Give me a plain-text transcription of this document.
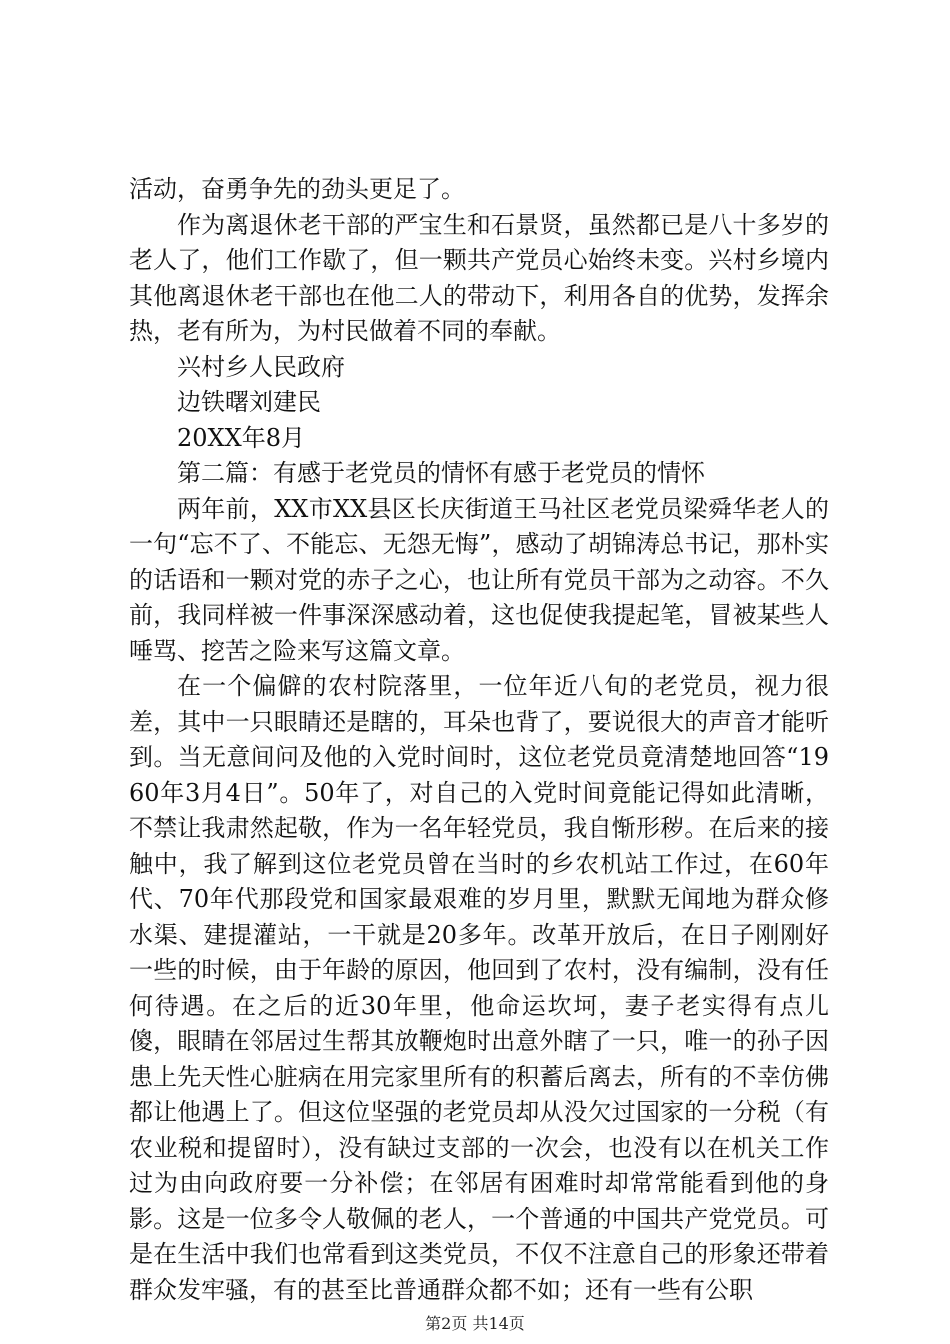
活动，奋勇争先的劲头更足了。

作为离退休老干部的严宝生和石景贤，虽然都已是八十多岁的老人了，他们工作歇了，但一颗共产党员心始终未变。兴村乡境内其他离退休老干部也在他二人的带动下，利用各自的优势，发挥余热，老有所为，为村民做着不同的奉献。

兴村乡人民政府

边铁曙刘建民

20XX年8月

第二篇：有感于老党员的情怀有感于老党员的情怀

两年前，XX市XX县区长庆街道王马社区老党员梁舜华老人的一句“忘不了、不能忘、无怨无悔”，感动了胡锦涛总书记，那朴实的话语和一颗对党的赤子之心，也让所有党员干部为之动容。不久前，我同样被一件事深深感动着，这也促使我提起笔，冒被某些人唾骂、挖苦之险来写这篇文章。

在一个偏僻的农村院落里，一位年近八旬的老党员，视力很差，其中一只眼睛还是瞎的，耳朵也背了，要说很大的声音才能听到。当无意间问及他的入党时间时，这位老党员竟清楚地回答“1960年3月4日”。50年了，对自己的入党时间竟能记得如此清晰，不禁让我肃然起敬，作为一名年轻党员，我自惭形秽。在后来的接触中，我了解到这位老党员曾在当时的乡农机站工作过，在60年代、70年代那段党和国家最艰难的岁月里，默默无闻地为群众修水渠、建提灌站，一干就是20多年。改革开放后，在日子刚刚好一些的时候，由于年龄的原因，他回到了农村，没有编制，没有任何待遇。在之后的近30年里，他命运坎坷，妻子老实得有点儿傻，眼睛在邻居过生帮其放鞭炮时出意外瞎了一只，唯一的孙子因患上先天性心脏病在用完家里所有的积蓄后离去，所有的不幸仿佛都让他遇上了。但这位坚强的老党员却从没欠过国家的一分税（有农业税和提留时），没有缺过支部的一次会，也没有以在机关工作过为由向政府要一分补偿；在邻居有困难时却常常能看到他的身影。这是一位多令人敬佩的老人，一个普通的中国共产党党员。可是在生活中我们也常看到这类党员，不仅不注意自己的形象还带着群众发牢骚，有的甚至比普通群众都不如；还有一些有公职

第2页 共14页
